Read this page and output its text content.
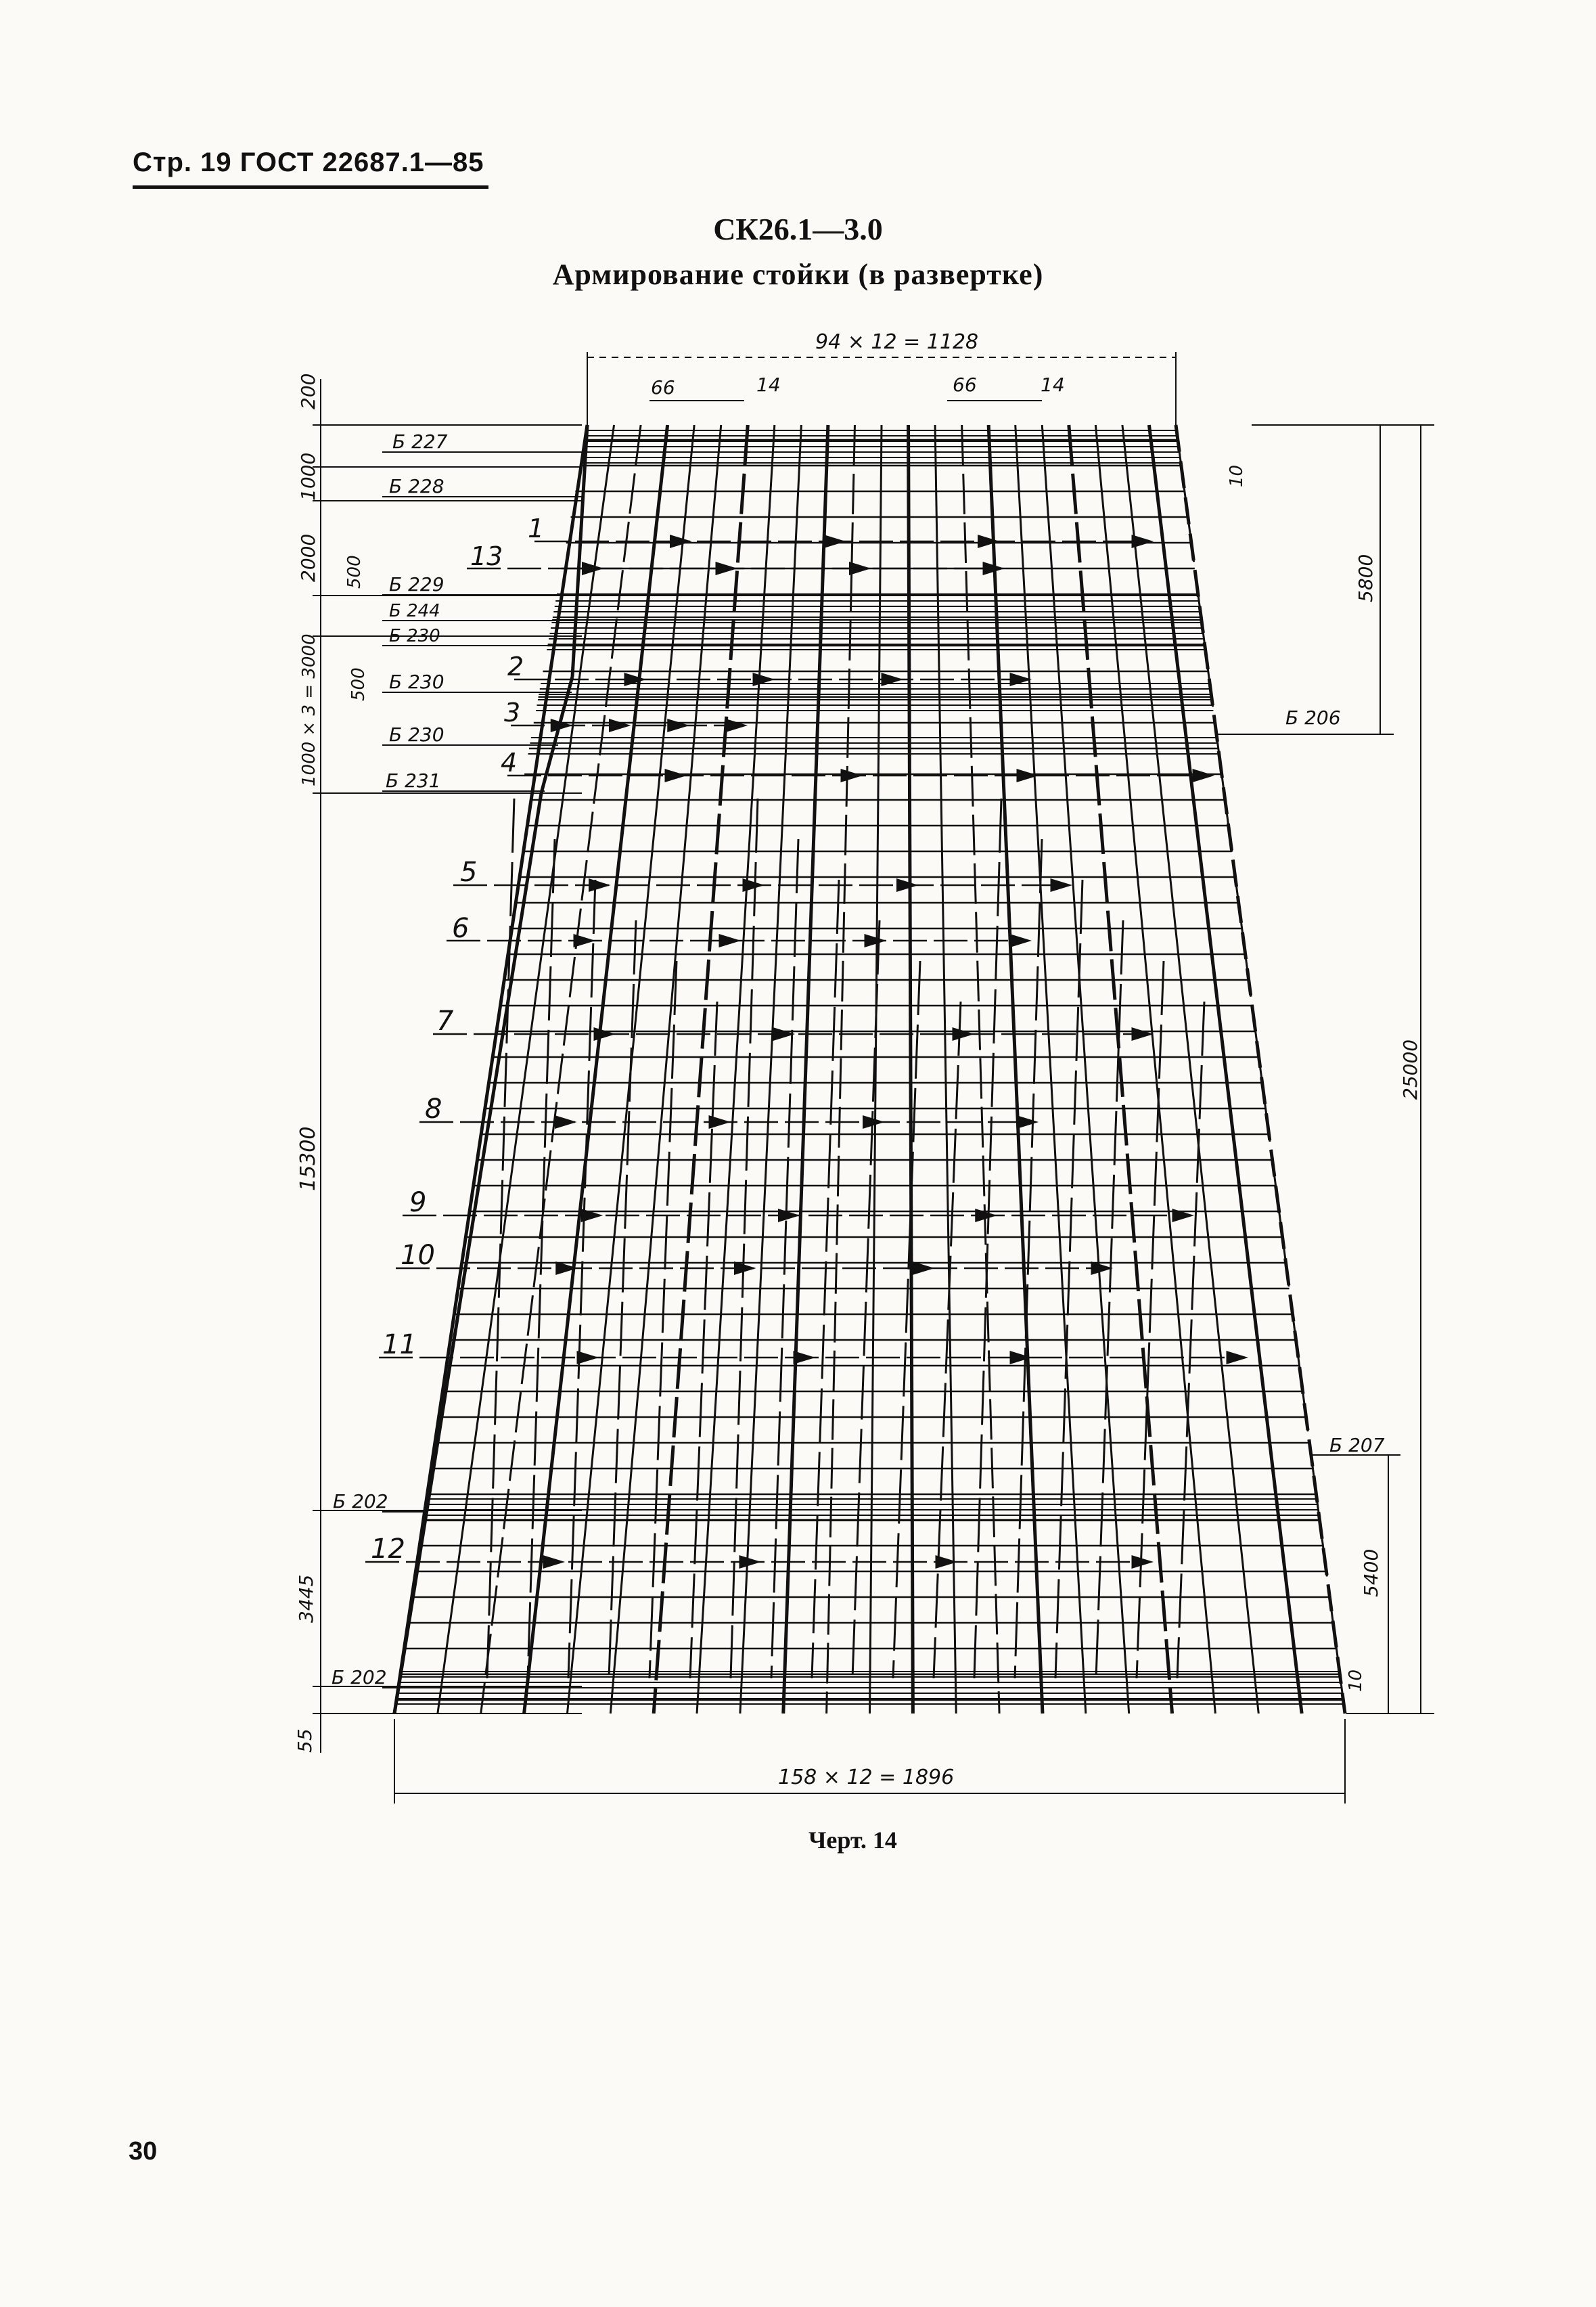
Стр. 19 ГОСТ 22687.1—85
СК26.1—3.0
Армирование стойки (в развертке)
94 × 12 = 1128
66	14	66	14
158 × 12 = 1896
200
1000
2000 500
500
1000 × 3 = 3000
15300
3445
55
10
5800
25000
5400
10
Б 227
Б 228
Б 229
Б 244
Б 230
Б 230
Б 230
Б 231
Б 202
Б 202
Б 206
Б 207
1
2
3
4
5
6
7
8
9
10
11
12
13
Черт. 14
30
